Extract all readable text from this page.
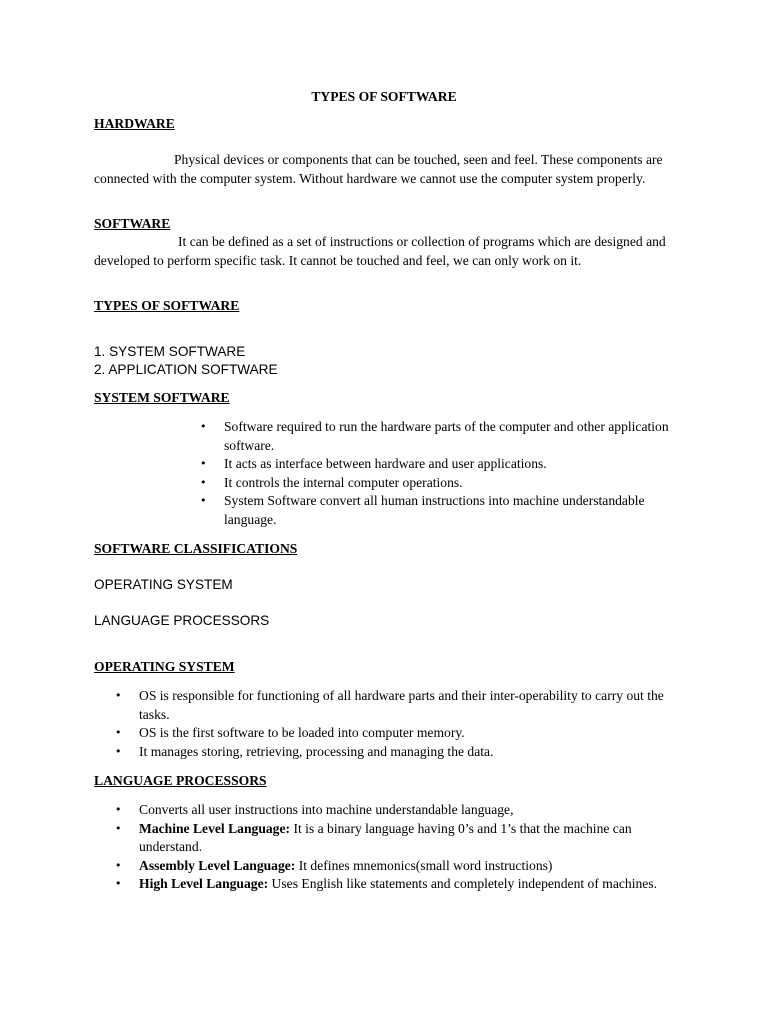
TYPES OF SOFTWARE
HARDWARE

Physical devices or components that can be touched, seen and feel. These components are connected with the computer system. Without hardware we cannot use the computer system properly.

SOFTWARE

It can be defined as a set of instructions or collection of programs which are designed and developed to perform specific task. It cannot be touched and feel, we can only work on it.

TYPES OF SOFTWARE
1. SYSTEM SOFTWARE
2. APPLICATION SOFTWARE
SYSTEM SOFTWARE
• Software required to run the hardware parts of the computer and other application software.
• It acts as interface between hardware and user applications.
• It controls the internal computer operations.
• System Software convert all human instructions into machine understandable language.
SOFTWARE CLASSIFICATIONS
OPERATING SYSTEM
LANGUAGE PROCESSORS
OPERATING SYSTEM
• OS is responsible for functioning of all hardware parts and their inter-operability to carry out the tasks.
• OS is the first software to be loaded into computer memory.
• It manages storing, retrieving, processing and managing the data.
LANGUAGE PROCESSORS
• Converts all user instructions into machine understandable language,
• Machine Level Language: It is a binary language having 0’s and 1’s that the machine can understand.
• Assembly Level Language: It defines mnemonics(small word instructions)
• High Level Language: Uses English like statements and completely independent of machines.
